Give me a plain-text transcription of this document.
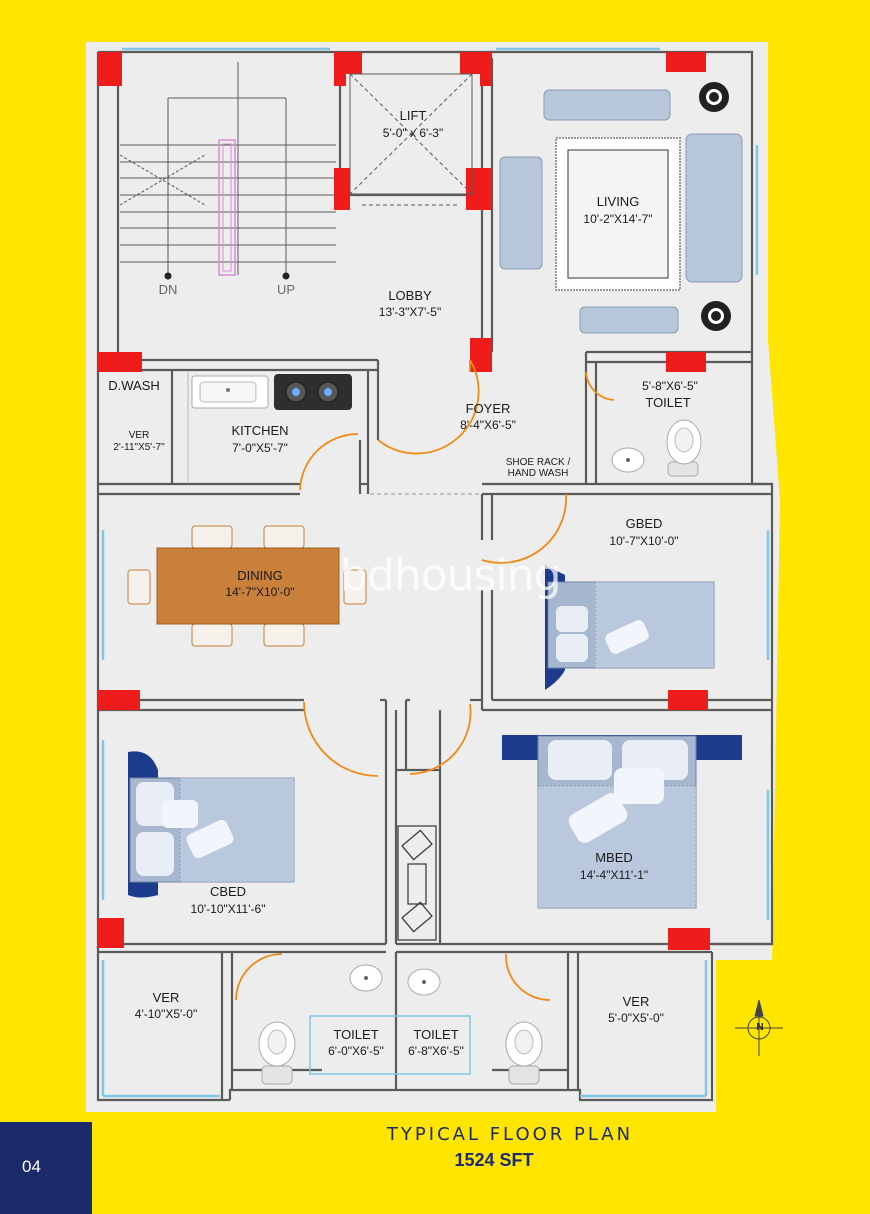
bdhousing
LIFT
5'-0" x 6'-3"
LIVING
10'-2"X14'-7"
LOBBY
13'-3"X7'-5"
FOYER
8'-4"X6'-5"
5'-8"X6'-5"
TOILET
D.WASH
VER
2'-11"X5'-7"
KITCHEN
7'-0"X5'-7"
SHOE RACK /
HAND WASH
GBED
10'-7"X10'-0"
DINING
14'-7"X10'-0"
MBED
14'-4"X11'-1"
CBED
10'-10"X11'-6"
VER
4'-10"X5'-0"
TOILET
6'-0"X6'-5"
TOILET
6'-8"X6'-5"
VER
5'-0"X5'-0"
DN	UP
N
TYPICAL FLOOR PLAN
1524 SFT
04
